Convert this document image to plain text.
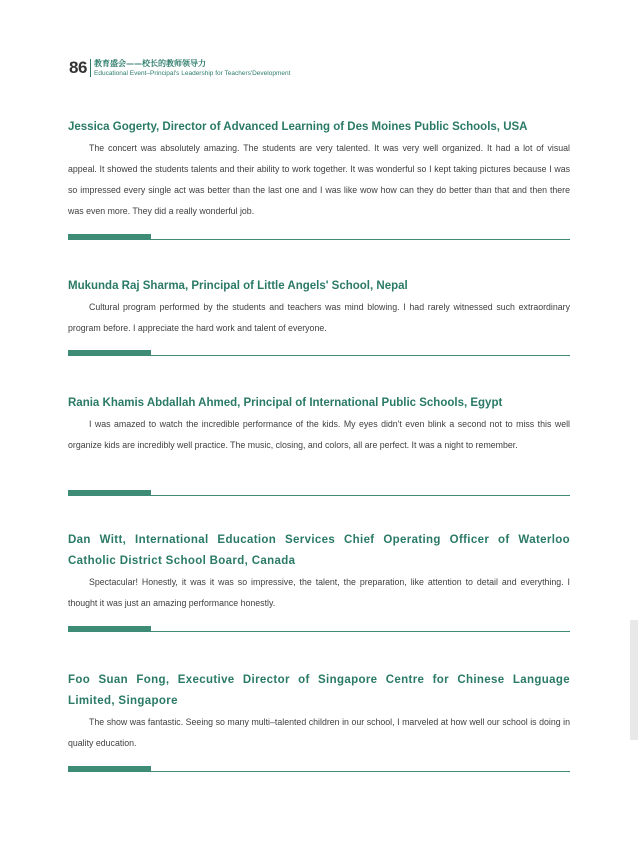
86 教育盛会——校长的教师领导力
Educational Event–Principal's Leadership for Teachers'Development
Jessica Gogerty, Director of Advanced Learning of Des Moines Public Schools, USA

The concert was absolutely amazing. The students are very talented. It was very well organized. It had a lot of visual appeal. It showed the students talents and their ability to work together. It was wonderful so I kept taking pictures because I was so impressed every single act was better than the last one and I was like wow how can they do better than that and then there was even more. They did a really wonderful job.

Mukunda Raj Sharma, Principal of Little Angels' School, Nepal

Cultural program performed by the students and teachers was mind blowing. I had rarely witnessed such extraordinary program before. I appreciate the hard work and talent of everyone.

Rania Khamis Abdallah Ahmed, Principal of International Public Schools, Egypt

I was amazed to watch the incredible performance of the kids. My eyes didn't even blink a second not to miss this well organize kids are incredibly well practice. The music, closing, and colors, all are perfect. It was a night to remember.

Dan Witt, International Education Services Chief Operating Officer of Waterloo Catholic District School Board, Canada

Spectacular! Honestly, it was it was so impressive, the talent, the preparation, like attention to detail and everything. I thought it was just an amazing performance honestly.

Foo Suan Fong, Executive Director of Singapore Centre for Chinese Language Limited, Singapore

The show was fantastic. Seeing so many multi–talented children in our school, I marveled at how well our school is doing in quality education.
